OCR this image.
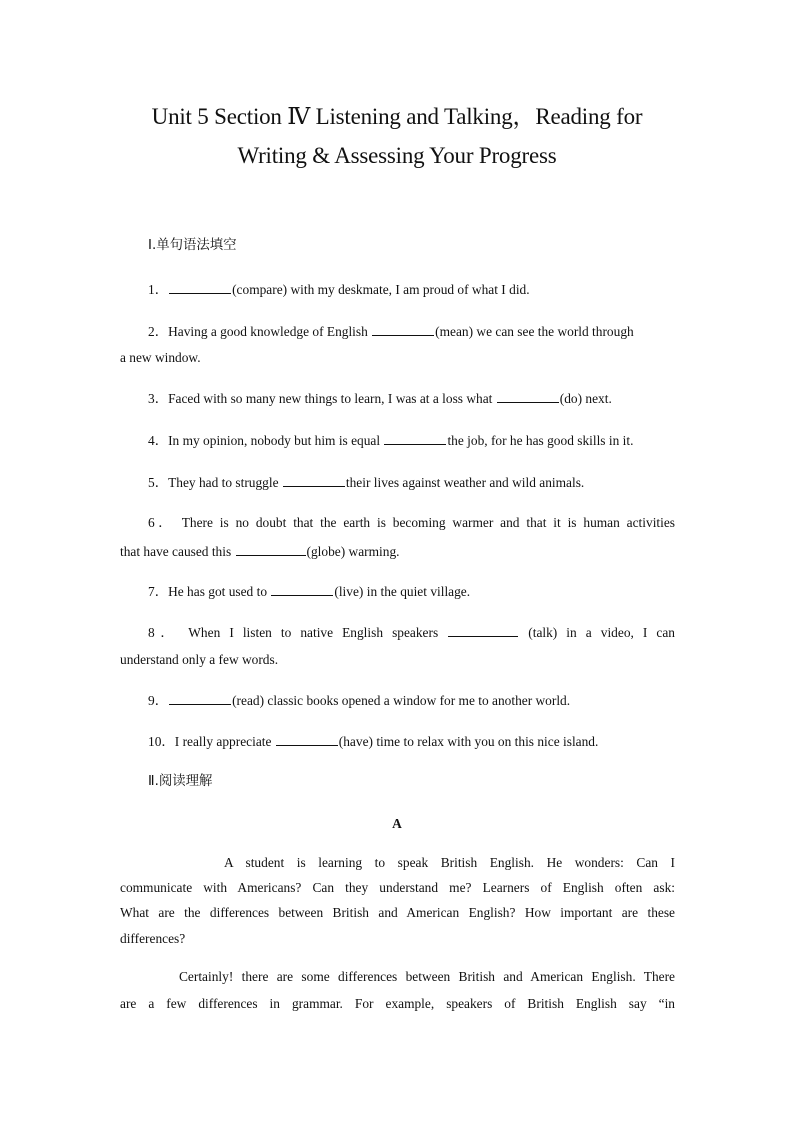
Unit 5 Section Ⅳ Listening and Talking，Reading for
Writing & Assessing Your Progress
Ⅰ.单句语法填空
1．	(compare) with my deskmate, I am proud of what I did.
2．Having a good knowledge of English	(mean) we can see the world through
a new window.
3．Faced with so many new things to learn, I was at a loss what	(do) next.
4．In my opinion, nobody but him is equal	the job, for he has good skills in it.
5．They had to struggle	their lives against weather and wild animals.
6． There is no doubt that the earth is becoming warmer and that it is human activities
that have caused this	(globe) warming.
7．He has got used to	(live) in the quiet village.
8． When I listen to native English speakers	(talk) in a video, I can
understand only a few words.
9．	(read) classic books opened a window for me to another world.
10．I really appreciate	(have) time to relax with you on this nice island.
Ⅱ.阅读理解
A
A student is learning to speak British English. He wonders: Can I
communicate with Americans? Can they understand me? Learners of English often ask:
What are the differences between British and American English? How important are these
differences?
Certainly! there are some differences between British and American English. There
are a few differences in grammar. For example, speakers of British English say “in
